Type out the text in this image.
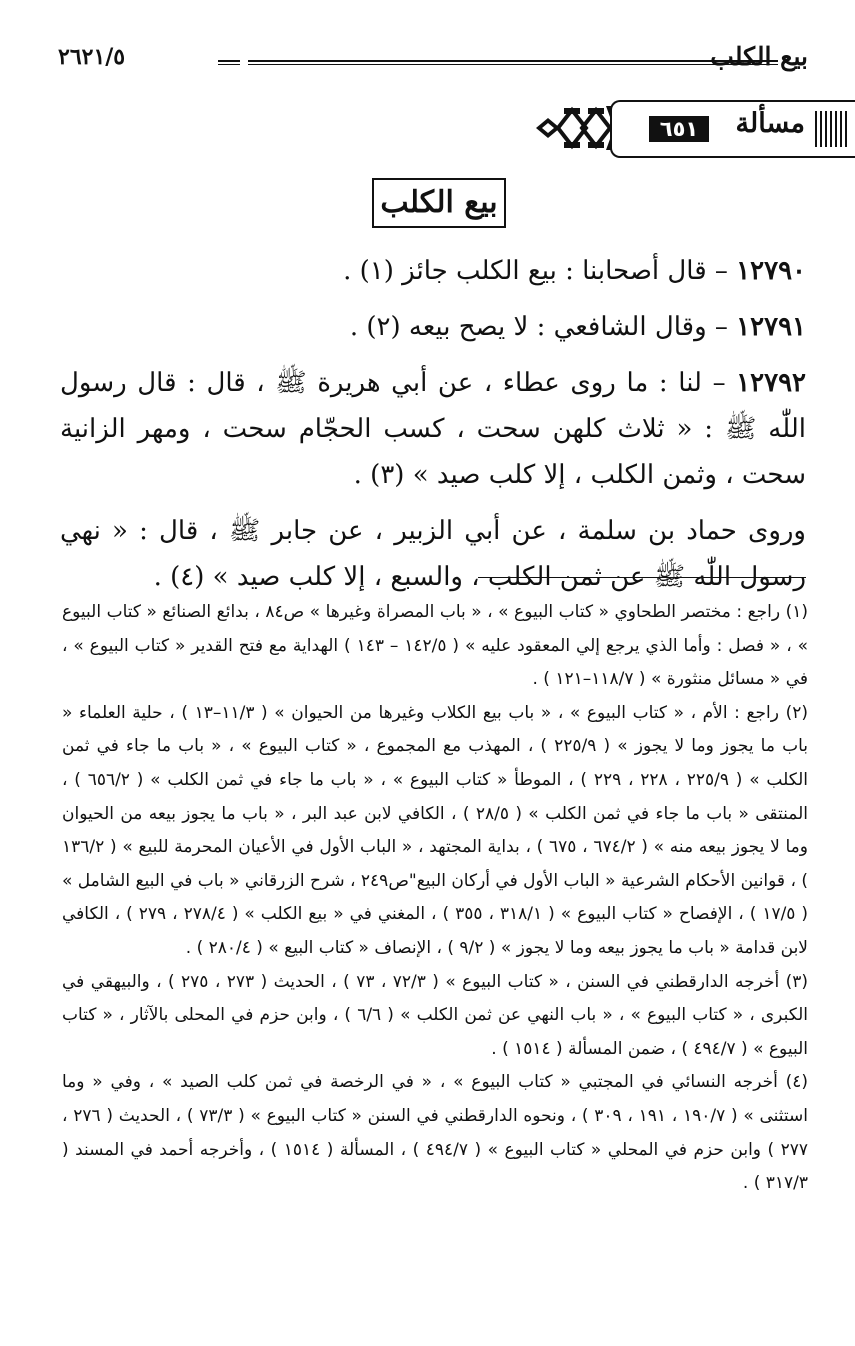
بيع الكلب
٢٦٢١/٥
مسألة
٦٥١
بيع الكلب

١٢٧٩٠ – قال أصحابنا : بيع الكلب جائز (١) .

١٢٧٩١ – وقال الشافعي : لا يصح بيعه (٢) .

١٢٧٩٢ – لنا : ما روى عطاء ، عن أبي هريرة ﷺ ، قال : قال رسول اللّٰه ﷺ : « ثلاث كلهن سحت ، كسب الحجّام سحت ، ومهر الزانية سحت ، وثمن الكلب ، إلا كلب صيد » (٣) .

وروى حماد بن سلمة ، عن أبي الزبير ، عن جابر ﷺ ، قال : « نهي رسول اللّٰه ﷺ عن ثمن الكلب ، والسبع ، إلا كلب صيد » (٤) .

(١) راجع : مختصر الطحاوي « كتاب البيوع » ، « باب المصراة وغيرها » ص٨٤ ، بدائع الصنائع « كتاب البيوع » ، « فصل : وأما الذي يرجع إلي المعقود عليه » ( ١٤٢/٥ – ١٤٣ ) الهداية مع فتح القدير « كتاب البيوع » ، في « مسائل منثورة » ( ١١٨/٧–١٢١ ) .

(٢) راجع : الأم ، « كتاب البيوع » ، « باب بيع الكلاب وغيرها من الحيوان » ( ١١/٣–١٣ ) ، حلية العلماء « باب ما يجوز وما لا يجوز » ( ٢٢٥/٩ ) ، المهذب مع المجموع ، « كتاب البيوع » ، « باب ما جاء في ثمن الكلب » ( ٢٢٥/٩ ، ٢٢٨ ، ٢٢٩ ) ، الموطأ « كتاب البيوع » ، « باب ما جاء في ثمن الكلب » ( ٦٥٦/٢ ) ، المنتقى « باب ما جاء في ثمن الكلب » ( ٢٨/٥ ) ، الكافي لابن عبد البر ، « باب ما يجوز بيعه من الحيوان وما لا يجوز بيعه منه » ( ٦٧٤/٢ ، ٦٧٥ ) ، بداية المجتهد ، « الباب الأول في الأعيان المحرمة للبيع » ( ١٣٦/٢ ) ، قوانين الأحكام الشرعية « الباب الأول في أركان البيع"ص٢٤٩ ، شرح الزرقاني « باب في البيع الشامل » ( ١٧/٥ ) ، الإفصاح « كتاب البيوع » ( ٣١٨/١ ، ٣٥٥ ) ، المغني في « بيع الكلب » ( ٢٧٨/٤ ، ٢٧٩ ) ، الكافي لابن قدامة « باب ما يجوز بيعه وما لا يجوز » ( ٩/٢ ) ، الإنصاف « كتاب البيع » ( ٢٨٠/٤ ) .

(٣) أخرجه الدارقطني في السنن ، « كتاب البيوع » ( ٧٢/٣ ، ٧٣ ) ، الحديث ( ٢٧٣ ، ٢٧٥ ) ، والبيهقي في الكبرى ، « كتاب البيوع » ، « باب النهي عن ثمن الكلب » ( ٦/٦ ) ، وابن حزم في المحلى بالآثار ، « كتاب البيوع » ( ٤٩٤/٧ ) ، ضمن المسألة ( ١٥١٤ ) .

(٤) أخرجه النسائي في المجتبي « كتاب البيوع » ، « في الرخصة في ثمن كلب الصيد » ، وفي « وما استثنى » ( ١٩٠/٧ ، ١٩١ ، ٣٠٩ ) ، ونحوه الدارقطني في السنن « كتاب البيوع » ( ٧٣/٣ ) ، الحديث ( ٢٧٦ ، ٢٧٧ ) وابن حزم في المحلي « كتاب البيوع » ( ٤٩٤/٧ ) ، المسألة ( ١٥١٤ ) ، وأخرجه أحمد في المسند ( ٣١٧/٣ ) .
